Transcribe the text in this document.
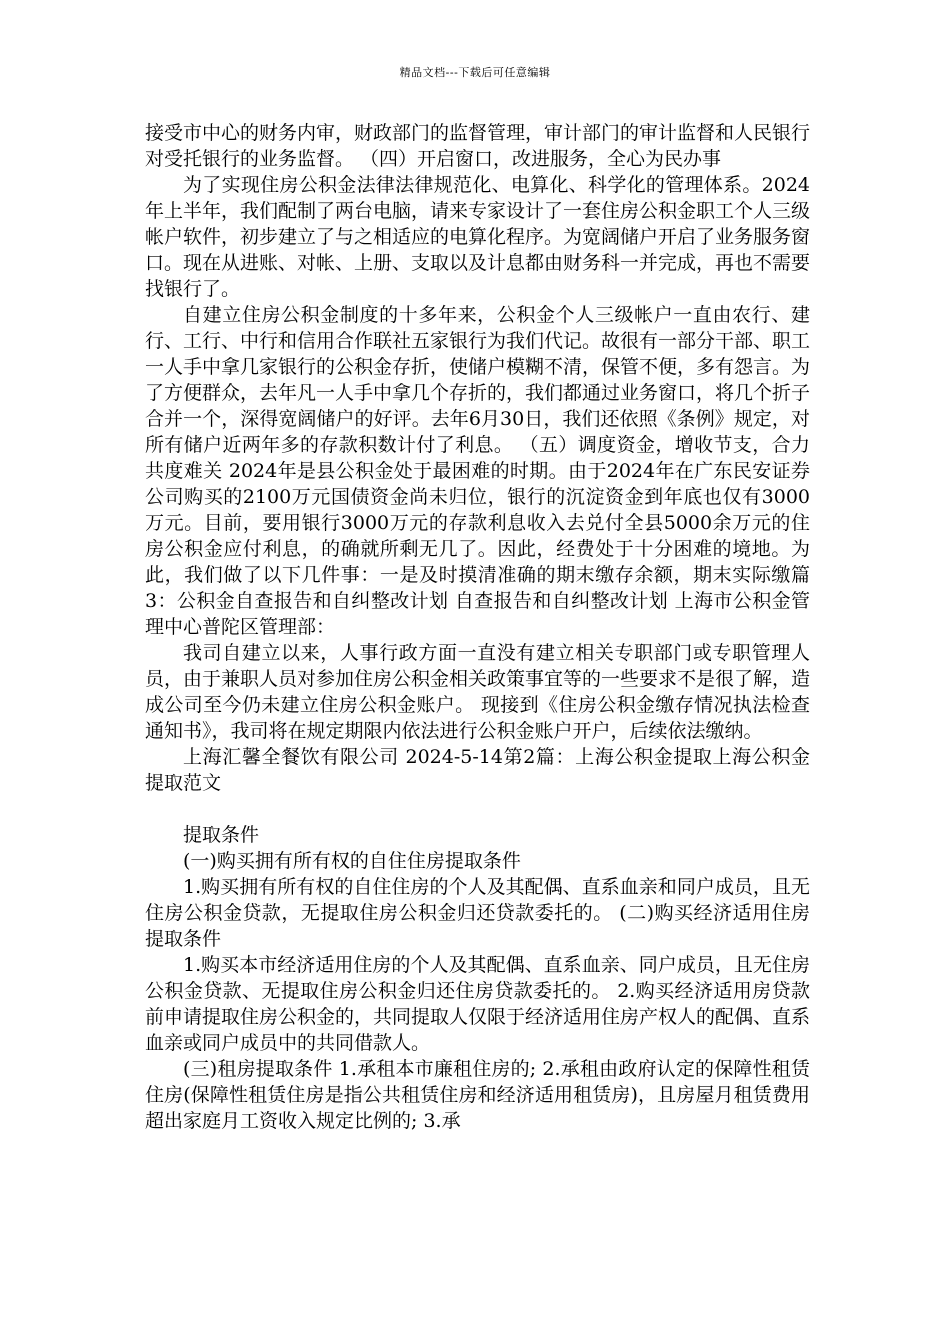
精品文档---下载后可任意编辑

接受市中心的财务内审，财政部门的监督管理，审计部门的审计监督和人民银行对受托银行的业务监督。 （四）开启窗口，改进服务，全心为民办事

为了实现住房公积金法律法律规范化、电算化、科学化的管理体系。2024年上半年，我们配制了两台电脑，请来专家设计了一套住房公积金职工个人三级帐户软件，初步建立了与之相适应的电算化程序。为宽阔储户开启了业务服务窗口。现在从进账、对帐、上册、支取以及计息都由财务科一并完成，再也不需要找银行了。

自建立住房公积金制度的十多年来，公积金个人三级帐户一直由农行、建行、工行、中行和信用合作联社五家银行为我们代记。故很有一部分干部、职工一人手中拿几家银行的公积金存折，使储户模糊不清，保管不便，多有怨言。为了方便群众，去年凡一人手中拿几个存折的，我们都通过业务窗口，将几个折子合并一个，深得宽阔储户的好评。去年6月30日，我们还依照《条例》规定，对所有储户近两年多的存款积数计付了利息。 （五）调度资金，增收节支，合力共度难关 2024年是县公积金处于最困难的时期。由于2024年在广东民安证券公司购买的2100万元国债资金尚未归位，银行的沉淀资金到年底也仅有3000万元。目前，要用银行3000万元的存款利息收入去兑付全县5000余万元的住房公积金应付利息，的确就所剩无几了。因此，经费处于十分困难的境地。为此，我们做了以下几件事：一是及时摸清准确的期末缴存余额，期末实际缴篇3：公积金自查报告和自纠整改计划 自查报告和自纠整改计划 上海市公积金管理中心普陀区管理部：

我司自建立以来，人事行政方面一直没有建立相关专职部门或专职管理人员，由于兼职人员对参加住房公积金相关政策事宜等的一些要求不是很了解，造成公司至今仍未建立住房公积金账户。 现接到《住房公积金缴存情况执法检查通知书》，我司将在规定期限内依法进行公积金账户开户，后续依法缴纳。

上海汇馨全餐饮有限公司 2024-5-14第2篇：上海公积金提取上海公积金提取范文

提取条件

(一)购买拥有所有权的自住住房提取条件

1.购买拥有所有权的自住住房的个人及其配偶、直系血亲和同户成员，且无住房公积金贷款，无提取住房公积金归还贷款委托的。 (二)购买经济适用住房提取条件

1.购买本市经济适用住房的个人及其配偶、直系血亲、同户成员，且无住房公积金贷款、无提取住房公积金归还住房贷款委托的。 2.购买经济适用房贷款前申请提取住房公积金的，共同提取人仅限于经济适用住房产权人的配偶、直系血亲或同户成员中的共同借款人。

(三)租房提取条件 1.承租本市廉租住房的; 2.承租由政府认定的保障性租赁住房(保障性租赁住房是指公共租赁住房和经济适用租赁房)，且房屋月租赁费用超出家庭月工资收入规定比例的; 3.承
